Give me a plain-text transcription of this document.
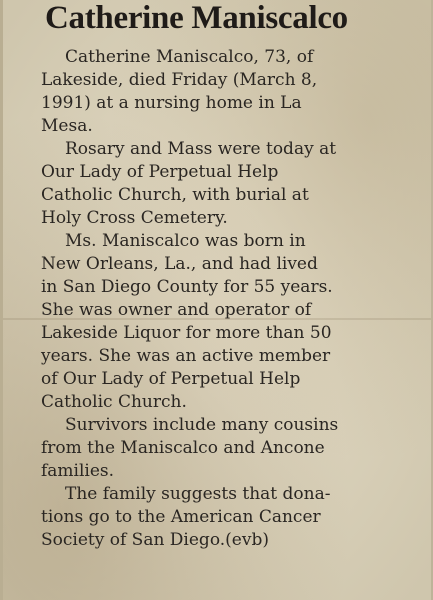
Catherine Maniscalco

Catherine Maniscalco, 73, of
Lakeside, died Friday (March 8,
1991) at a nursing home in La
Mesa.

Rosary and Mass were today at
Our Lady of Perpetual Help
Catholic Church, with burial at
Holy Cross Cemetery.

Ms. Maniscalco was born in
New Orleans, La., and had lived
in San Diego County for 55 years.
She was owner and operator of
Lakeside Liquor for more than 50
years. She was an active member
of Our Lady of Perpetual Help
Catholic Church.

Survivors include many cousins
from the Maniscalco and Ancone
families.

The family suggests that dona-
tions go to the American Cancer
Society of San Diego.(evb)
